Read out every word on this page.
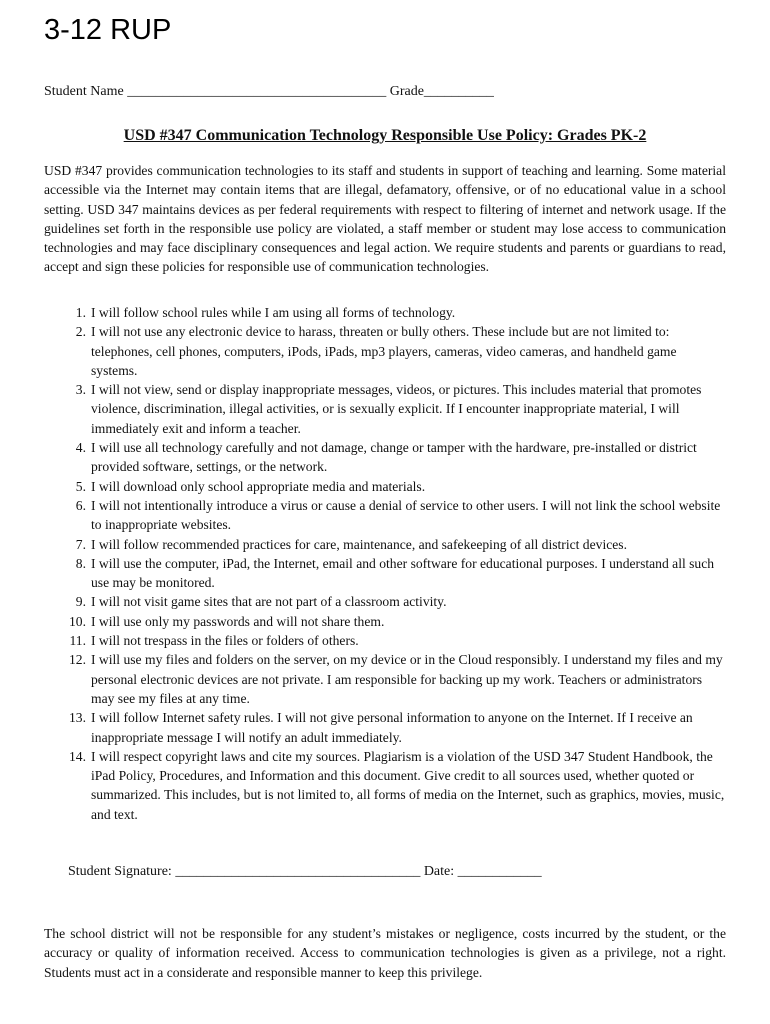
3-12 RUP
Student Name _____________________________________ Grade__________
USD #347 Communication Technology Responsible Use Policy: Grades PK-2
USD #347 provides communication technologies to its staff and students in support of teaching and learning. Some material accessible via the Internet may contain items that are illegal, defamatory, offensive, or of no educational value in a school setting. USD 347 maintains devices as per federal requirements with respect to filtering of internet and network usage. If the guidelines set forth in the responsible use policy are violated, a staff member or student may lose access to communication technologies and may face disciplinary consequences and legal action. We require students and parents or guardians to read, accept and sign these policies for responsible use of communication technologies.
1. I will follow school rules while I am using all forms of technology.
2. I will not use any electronic device to harass, threaten or bully others. These include but are not limited to: telephones, cell phones, computers, iPods, iPads, mp3 players, cameras, video cameras, and handheld game systems.
3. I will not view, send or display inappropriate messages, videos, or pictures. This includes material that promotes violence, discrimination, illegal activities, or is sexually explicit. If I encounter inappropriate material, I will immediately exit and inform a teacher.
4. I will use all technology carefully and not damage, change or tamper with the hardware, pre-installed or district provided software, settings, or the network.
5. I will download only school appropriate media and materials.
6. I will not intentionally introduce a virus or cause a denial of service to other users. I will not link the school website to inappropriate websites.
7. I will follow recommended practices for care, maintenance, and safekeeping of all district devices.
8. I will use the computer, iPad, the Internet, email and other software for educational purposes. I understand all such use may be monitored.
9. I will not visit game sites that are not part of a classroom activity.
10. I will use only my passwords and will not share them.
11. I will not trespass in the files or folders of others.
12. I will use my files and folders on the server, on my device or in the Cloud responsibly. I understand my files and my personal electronic devices are not private. I am responsible for backing up my work. Teachers or administrators may see my files at any time.
13. I will follow Internet safety rules. I will not give personal information to anyone on the Internet. If I receive an inappropriate message I will notify an adult immediately.
14. I will respect copyright laws and cite my sources. Plagiarism is a violation of the USD 347 Student Handbook, the iPad Policy, Procedures, and Information and this document. Give credit to all sources used, whether quoted or summarized. This includes, but is not limited to, all forms of media on the Internet, such as graphics, movies, music, and text.
Student Signature: ___________________________________ Date: ____________
The school district will not be responsible for any student’s mistakes or negligence, costs incurred by the student, or the accuracy or quality of information received. Access to communication technologies is given as a privilege, not a right. Students must act in a considerate and responsible manner to keep this privilege.
